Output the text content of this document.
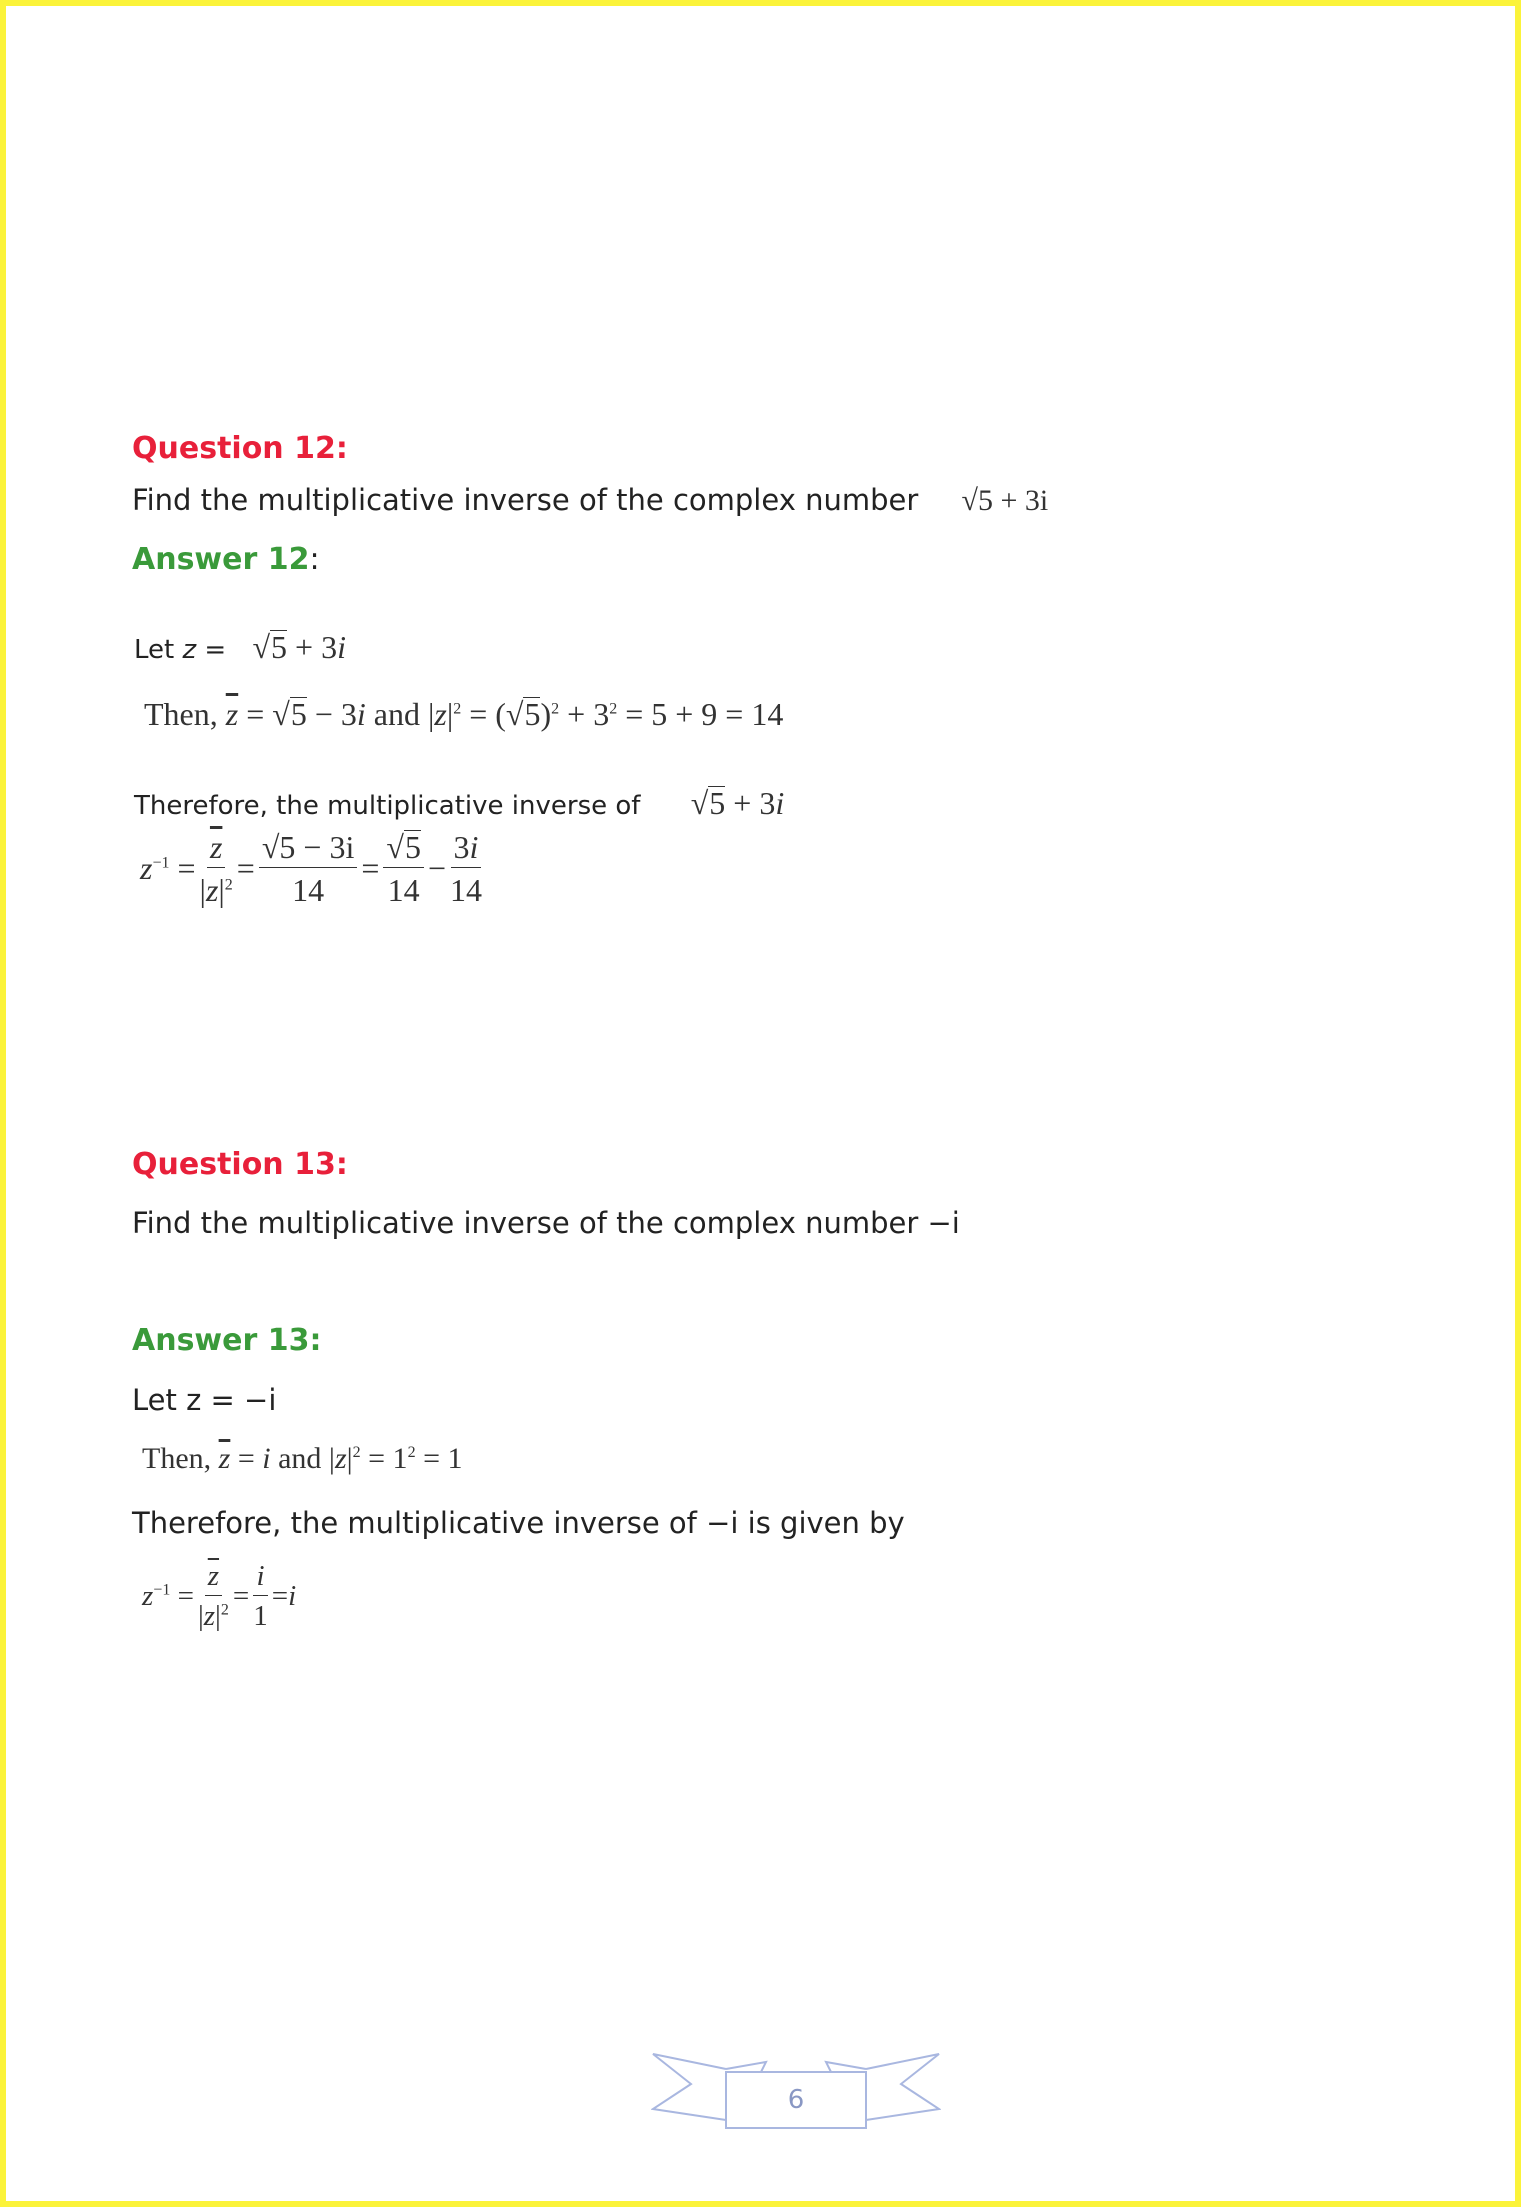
Question 12:
Find the multiplicative inverse of the complex number √5 + 3i
Answer 12:
Let z = √5 + 3i
Then, $\overline{z} = √5 - 3i$ and $|z|^2 = (√5)^2 + 3^2 = 5 + 9 = 14$
Therefore, the multiplicative inverse of √5 + 3i
$z^{-1} = \frac{\overline{z}}{|z|^2} = \frac{√5 - 3i}{14} = \frac{√5}{14} - \frac{3i}{14}$
Question 13:
Find the multiplicative inverse of the complex number −i
Answer 13:
Let z = −i
Then, $\overline{z} = i$ and $|z|^2 = 1^2 = 1$
Therefore, the multiplicative inverse of −i is given by
$z^{-1} = \frac{\overline{z}}{|z|^2} = \frac{i}{1} = i$
6
